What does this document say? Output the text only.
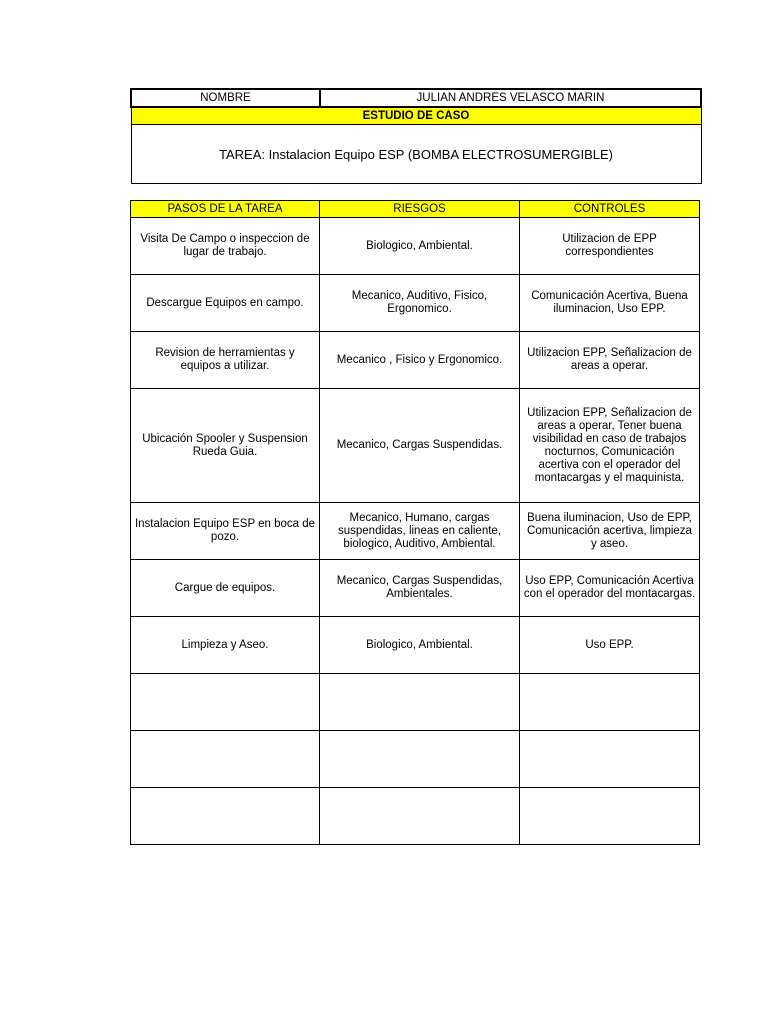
NOMBRE	JULIAN ANDRES VELASCO MARIN
ESTUDIO DE CASO
TAREA: Instalacion Equipo ESP (BOMBA ELECTROSUMERGIBLE)
PASOS DE LA TAREA	RIESGOS	CONTROLES
Visita De Campo o inspeccion de lugar de trabajo.	Biologico, Ambiental.	Utilizacion de EPP correspondientes
Descargue Equipos en campo.	Mecanico, Auditivo, Fisico, Ergonomico.	Comunicación Acertiva, Buena iluminacion, Uso EPP.
Revision de herramientas y equipos a utilizar.	Mecanico , Fisico y Ergonomico.	Utilizacion EPP, Señalizacion de areas a operar.
Ubicación Spooler y Suspension Rueda Guia.	Mecanico, Cargas Suspendidas.	Utilizacion EPP, Señalizacion de areas a operar, Tener buena visibilidad en caso de trabajos nocturnos, Comunicación acertiva con el operador del montacargas y el maquinista.
Instalacion Equipo ESP en boca de pozo.	Mecanico, Humano, cargas suspendidas, lineas en caliente, biologico, Auditivo, Ambiental.	Buena iluminacion, Uso de EPP, Comunicación acertiva, limpieza y aseo.
Cargue de equipos.	Mecanico, Cargas Suspendidas, Ambientales.	Uso EPP, Comunicación Acertiva con el operador del montacargas.
Limpieza y Aseo.	Biologico, Ambiental.	Uso EPP.
